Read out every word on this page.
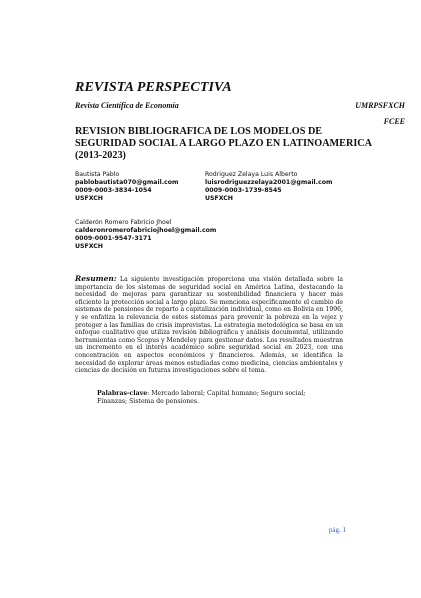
REVISTA PERSPECTIVA
Revista Científica de Economía	UMRPSFXCH
FCEE
REVISION BIBLIOGRAFICA DE LOS MODELOS DE SEGURIDAD SOCIAL A LARGO PLAZO EN LATINOAMERICA (2013-2023)
Bautista Pablo
pablobautista070@gmail.com
0009-0003-3834-1054
USFXCH
Rodriguez Zelaya Luis Alberto
luisrodriguezzelaya2001@gmail.com
0009-0003-1739-8545
USFXCH
Calderón Romero Fabricio Jhoel
calderonromerofabriciojhoel@gmail.com
0009-0001-9547-3171
USFXCH
Resumen: La siguiente investigación proporciona una visión detallada sobre la importancia de los sistemas de seguridad social en América Latina, destacando la necesidad de mejoras para garantizar su sostenibilidad financiera y hacer más eficiente la protección social a largo plazo. Se menciona específicamente el cambio de sistemas de pensiones de reparto a capitalización individual, como en Bolivia en 1996, y se enfatiza la relevancia de estos sistemas para prevenir la pobreza en la vejez y proteger a las familias de crisis imprevistas. La estrategia metodológica se basa en un enfoque cualitativo que utiliza revisión bibliográfica y análisis documental, utilizando herramientas como Scopus y Mendeley para gestionar datos. Los resultados muestran un incremento en el interés académico sobre seguridad social en 2023, con una concentración en aspectos económicos y financieros. Además, se identifica la necesidad de explorar áreas menos estudiadas como medicina, ciencias ambientales y ciencias de decisión en futuras investigaciones sobre el tema.
Palabras-clave: Mercado laboral; Capital humano; Seguro social; Finanzas; Sistema de pensiones.
pág. 1
